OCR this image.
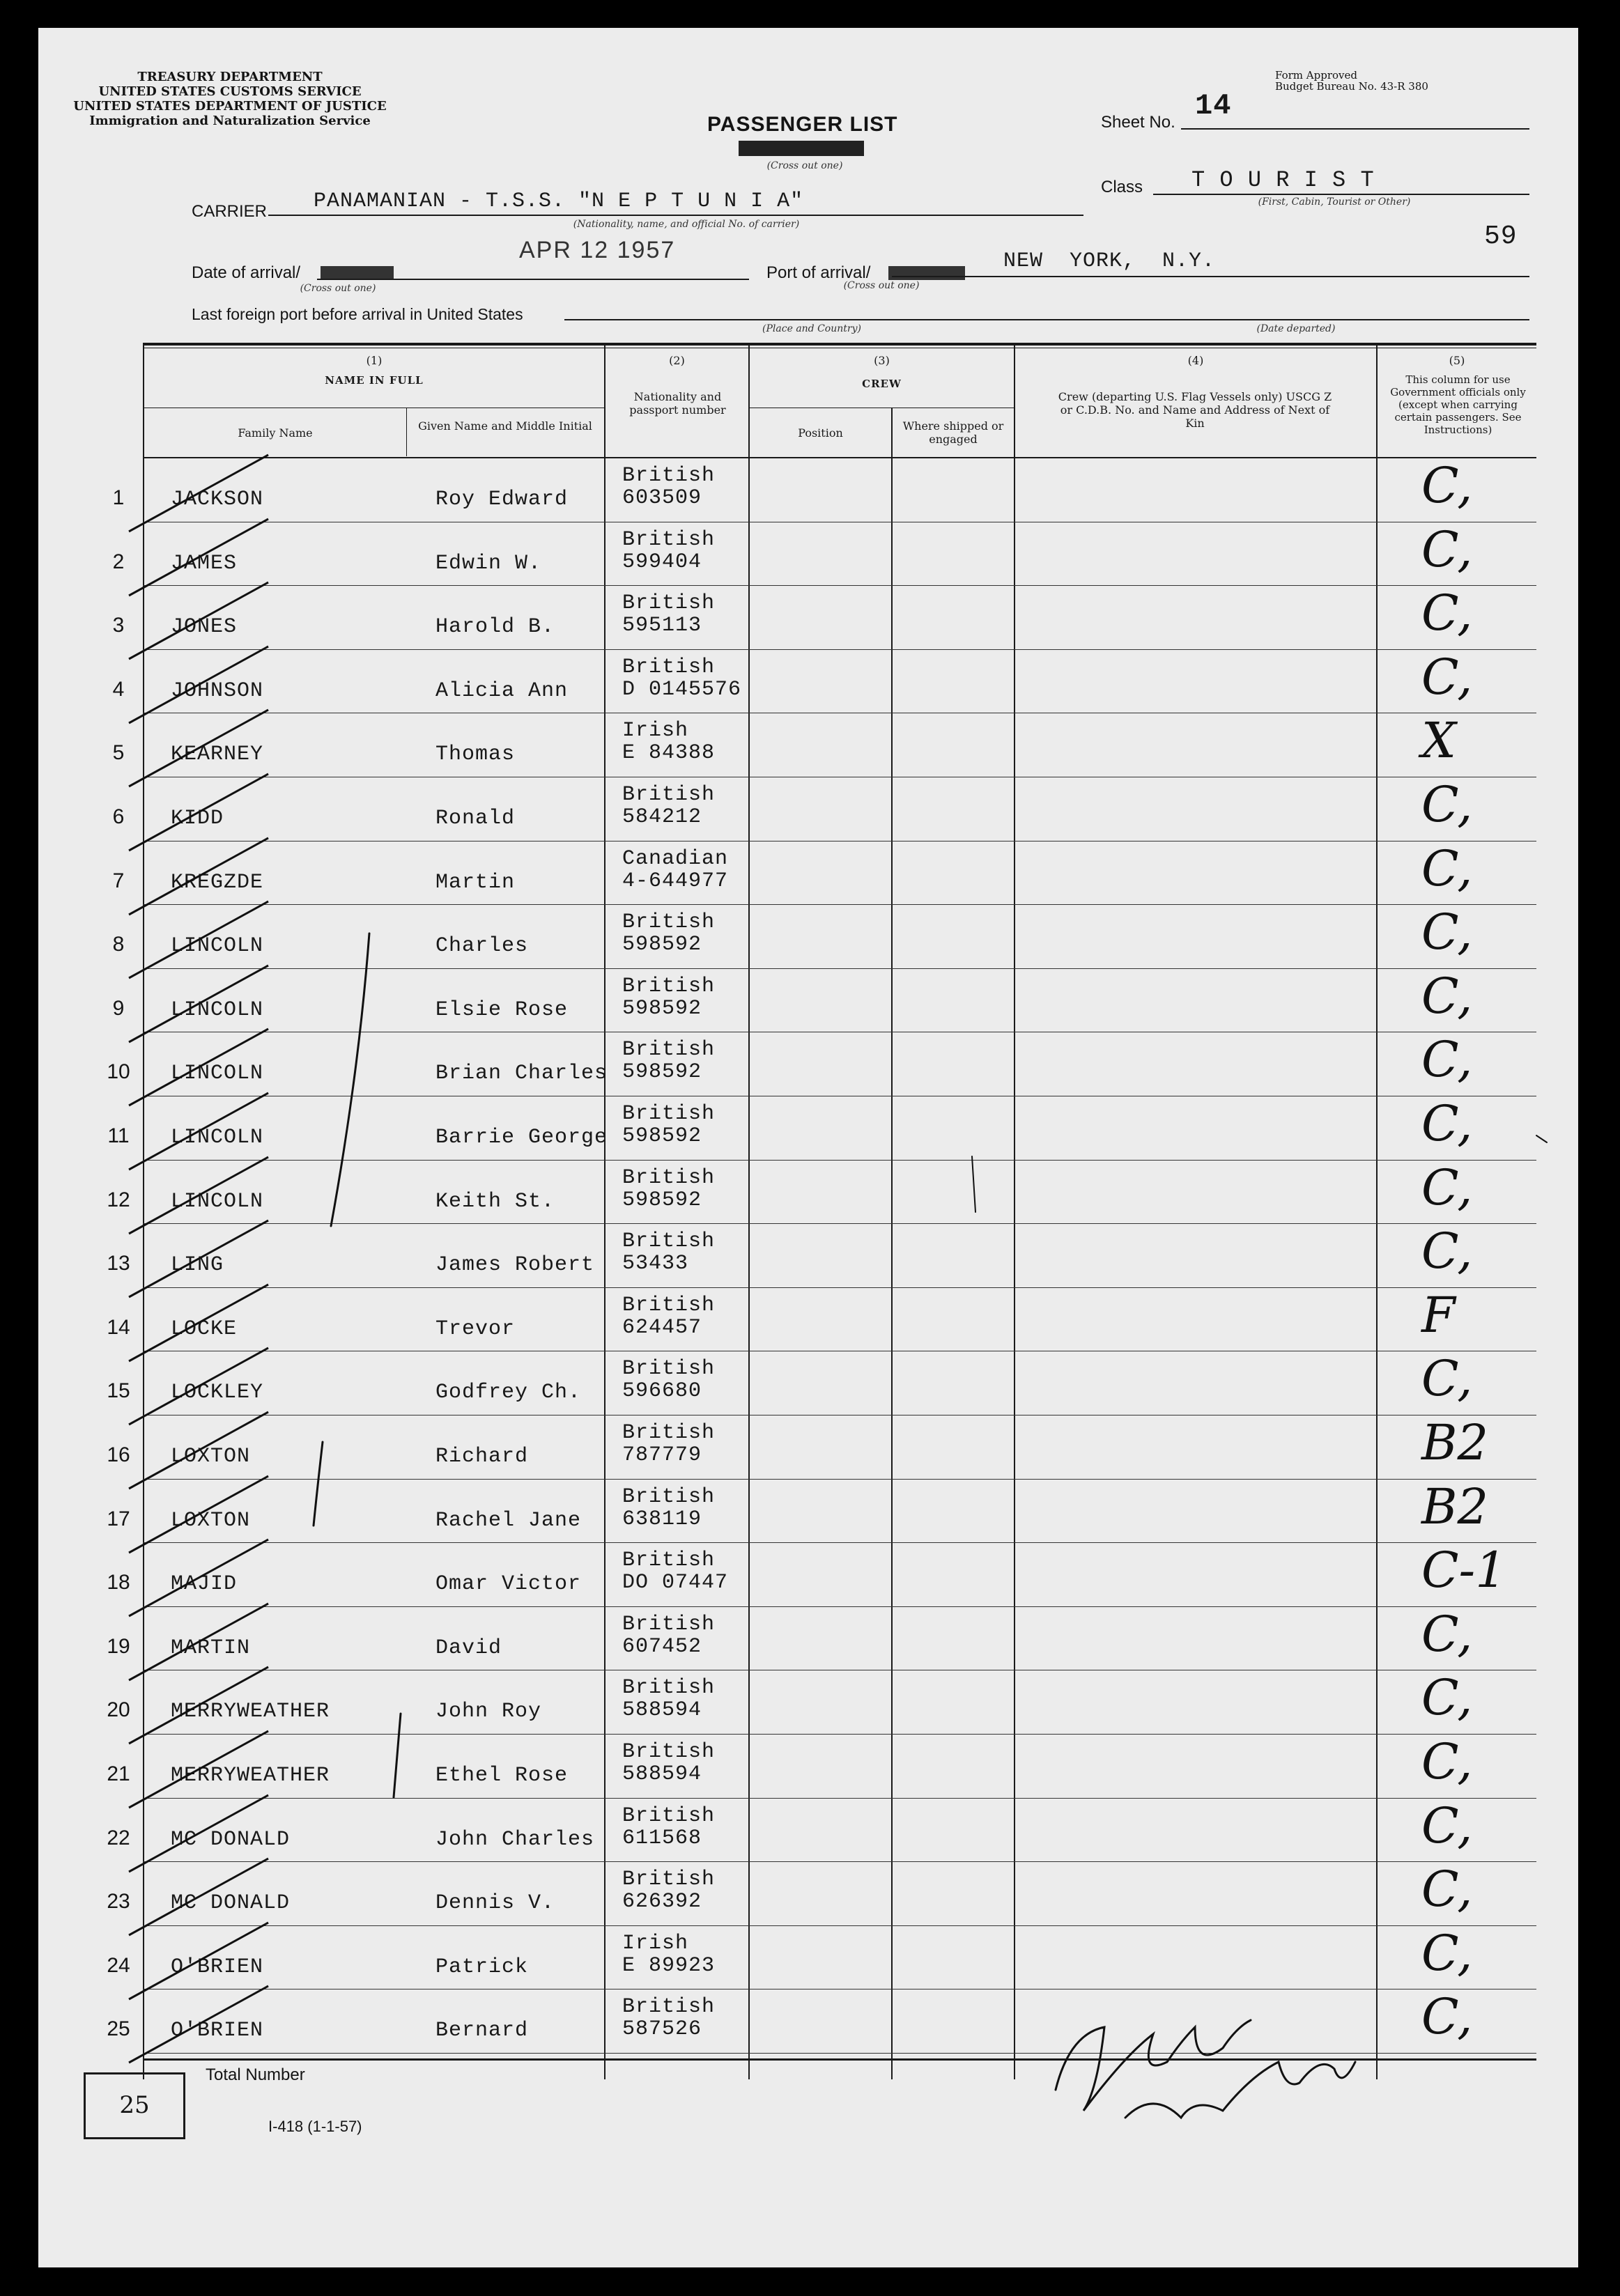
TREASURY DEPARTMENT
UNITED STATES CUSTOMS SERVICE
UNITED STATES DEPARTMENT OF JUSTICE
Immigration and Naturalization Service
Form Approved
Budget Bureau No. 43-R 380
PASSENGER LIST
(Cross out one)
Sheet No. 14
Class T O U R I S T
(First, Cabin, Tourist or Other)
59
CARRIER PANAMANIAN - T.S.S. "N E P T U N I A"
(Nationality, name, and official No. of carrier)
Date of arrival/
APR 12 1957
(Cross out one)
Port of arrival/	NEW  YORK,  N.Y.
(Cross out one)
Last foreign port before arrival in United States
(Place and Country)	(Date departed)
(1)
NAME IN FULL
Family Name
Given Name and Middle Initial
(2)
Nationality and passport number
(3)
CREW
Position
Where shipped or engaged
(4)
Crew (departing U.S. Flag Vessels only) USCG Z or C.D.B. No. and Name and Address of Next of Kin
(5)
This column for use Government officials only (except when carrying certain passengers. See Instructions)
1	JACKSON	Roy Edward
British
603509	C,
2	JAMES	Edwin W.
British
599404	C,
3	JONES	Harold B.
British
595113	C,
4	JOHNSON	Alicia Ann
British
D 0145576	C,
5	KEARNEY	Thomas
Irish
E 84388	X
6	KIDD	Ronald
British
584212	C,
7	KREGZDE	Martin
Canadian
4-644977	C,
8	LINCOLN	Charles
British
598592	C,
9	LINCOLN	Elsie Rose
British
598592	C,
10	LINCOLN	Brian Charles
British
598592	C,
11	LINCOLN	Barrie George
British
598592	C,
12	LINCOLN	Keith St.
British
598592	C,
13	LING	James Robert
British
53433	C,
14	LOCKE	Trevor
British
624457	F
15	LOCKLEY	Godfrey Ch.
British
596680	C,
16	LOXTON	Richard
British
787779	B2
17	LOXTON	Rachel Jane
British
638119	B2
18	MAJID	Omar Victor
British
DO 07447	C-1
19	MARTIN	David
British
607452	C,
20	MERRYWEATHER	John Roy
British
588594	C,
21	MERRYWEATHER	Ethel Rose
British
588594	C,
22	MC DONALD	John Charles
British
611568	C,
23	MC DONALD	Dennis V.
British
626392	C,
24	O'BRIEN	Patrick
Irish
E 89923	C,
25	O'BRIEN	Bernard
British
587526	C,
25
Total Number
I-418 (1-1-57)
